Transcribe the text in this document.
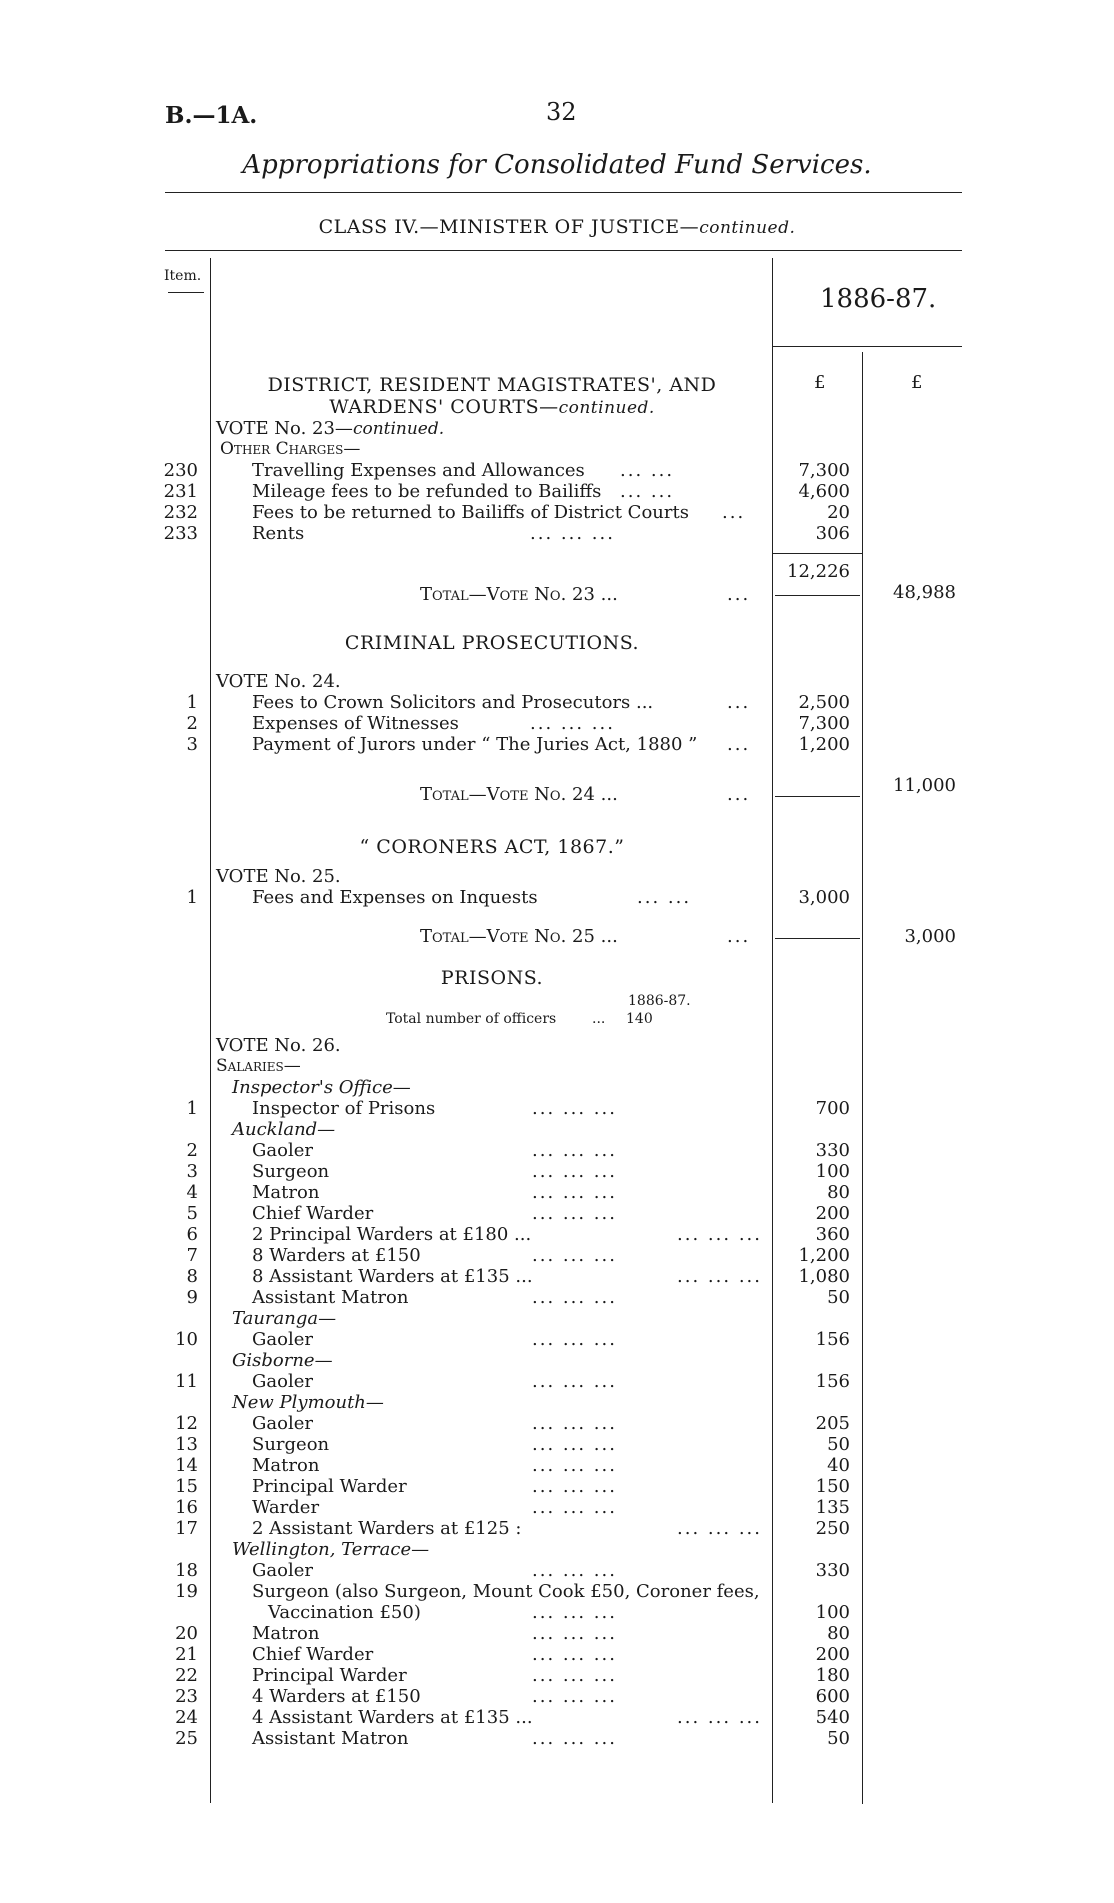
B.—1A.	32
Appropriations for Consolidated Fund Services.
CLASS IV.—MINISTER OF JUSTICE—continued.
Item.
1886-87.
£	£
DISTRICT, RESIDENT MAGISTRATES', AND
WARDENS' COURTS—continued.
VOTE No. 23—continued.
Other Charges—
230	Travelling Expenses and Allowances ... ...	7,300
231	Mileage fees to be refunded to Bailiffs ... ...	4,600
232	Fees to be returned to Bailiffs of District Courts ...	20
233	Rents	... ... ...	306
12,226
Total—Vote No. 23 ...	...	48,988
CRIMINAL PROSECUTIONS.
VOTE No. 24.
1	Fees to Crown Solicitors and Prosecutors ...	...	2,500
2	Expenses of Witnesses	... ... ...	7,300
3	Payment of Jurors under “ The Juries Act, 1880 ” ...	1,200
Total—Vote No. 24 ...	...	11,000
“ CORONERS ACT, 1867.”
VOTE No. 25.
1	Fees and Expenses on Inquests	... ...	3,000
Total—Vote No. 25 ...	...	3,000
PRISONS.
1886-87.
Total number of officers	... 140
VOTE No. 26.
Salaries—
Inspector's Office—
1	Inspector of Prisons	... ... ...	700
Auckland—
2	Gaoler	... ... ...	330
3	Surgeon	... ... ...	100
4	Matron	... ... ...	80
5	Chief Warder	... ... ...	200
6	2 Principal Warders at £180 ...	... ... ...	360
7	8 Warders at £150	... ... ...	1,200
8	8 Assistant Warders at £135 ...	... ... ...	1,080
9	Assistant Matron	... ... ...	50
Tauranga—
10	Gaoler	... ... ...	156
Gisborne—
11	Gaoler	... ... ...	156
New Plymouth—
12	Gaoler	... ... ...	205
13	Surgeon	... ... ...	50
14	Matron	... ... ...	40
15	Principal Warder	... ... ...	150
16	Warder	... ... ...	135
17	2 Assistant Warders at £125 :	... ... ...	250
Wellington, Terrace—
18	Gaoler	... ... ...	330
19	Surgeon (also Surgeon, Mount Cook £50, Coroner fees,
Vaccination £50)	... ... ...	100
20	Matron	... ... ...	80
21	Chief Warder	... ... ...	200
22	Principal Warder	... ... ...	180
23	4 Warders at £150	... ... ...	600
24	4 Assistant Warders at £135 ...	... ... ...	540
25	Assistant Matron	... ... ...	50
